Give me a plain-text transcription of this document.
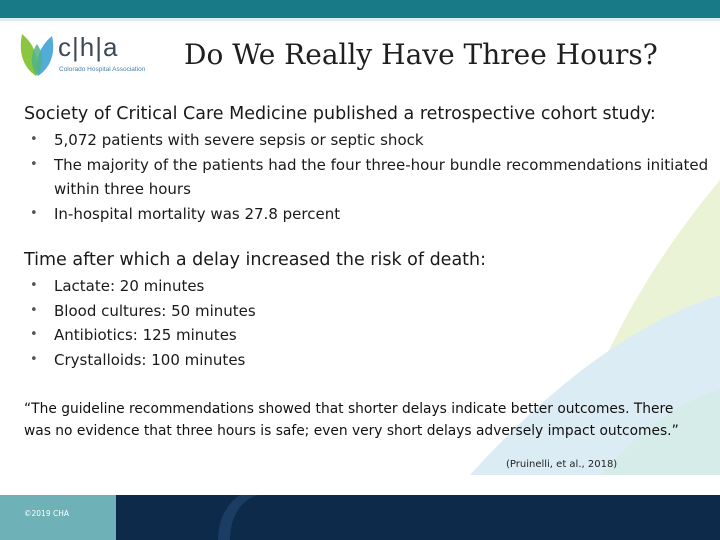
c|h|a
Colorado Hospital Association Do We Really Have Three Hours?
Society of Critical Care Medicine published a retrospective cohort study:
• 5,072 patients with severe sepsis or septic shock
• The majority of the patients had the four three-hour bundle recommendations initiated within three hours
• In-hospital mortality was 27.8 percent
Time after which a delay increased the risk of death:
• Lactate: 20 minutes
• Blood cultures: 50 minutes
• Antibiotics: 125 minutes
• Crystalloids: 100 minutes
“The guideline recommendations showed that shorter delays indicate better outcomes. There was no evidence that three hours is safe; even very short delays adversely impact outcomes.”
(Pruinelli, et al., 2018)
©2019 CHA
